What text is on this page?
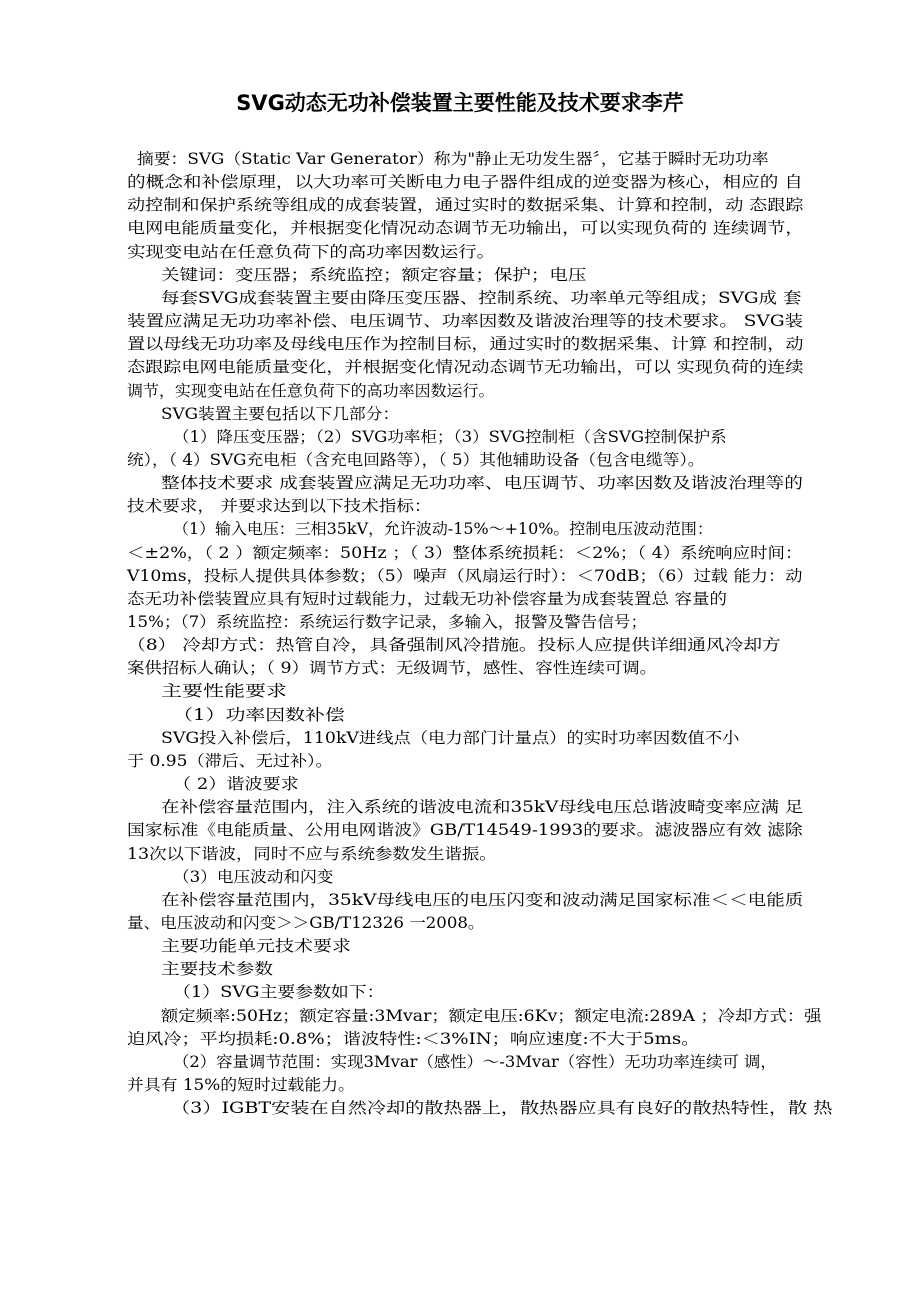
SVG动态无功补偿装置主要性能及技术要求李芹
摘要：SVG（Static Var Generator）称为"静止无功发生器〞，它基于瞬时无功功率
的概念和补偿原理，以大功率可关断电力电子器件组成的逆变器为核心，相应的 自
动控制和保护系统等组成的成套装置，通过实时的数据采集、计算和控制，动 态跟踪
电网电能质量变化，并根据变化情况动态调节无功输出，可以实现负荷的 连续调节，
实现变电站在任意负荷下的高功率因数运行。
关键词：变压器；系统监控；额定容量；保护；电压
每套SVG成套装置主要由降压变压器、控制系统、功率单元等组成；SVG成 套
装置应满足无功功率补偿、电压调节、功率因数及谐波治理等的技术要求。 SVG装
置以母线无功功率及母线电压作为控制目标，通过实时的数据采集、计算 和控制，动
态跟踪电网电能质量变化，并根据变化情况动态调节无功输出，可以 实现负荷的连续
调节，实现变电站在任意负荷下的高功率因数运行。
SVG装置主要包括以下几部分：
（1）降压变压器；（2）SVG功率柜；（3）SVG控制柜（含SVG控制保护系
统），（ 4）SVG充电柜（含充电回路等），（ 5）其他辅助设备（包含电缆等）。
整体技术要求 成套装置应满足无功功率、电压调节、功率因数及谐波治理等的
技术要求， 并要求达到以下技术指标：
（1）输入电压：三相35kV，允许波动-15%～+10%。控制电压波动范围：
＜±2%，（ 2 ）额定频率：50Hz ；（ 3）整体系统损耗：＜2%；（ 4）系统响应时间：
V10ms，投标人提供具体参数；（5）噪声（风扇运行时）：＜70dB；（6）过载 能力：动
态无功补偿装置应具有短时过载能力，过载无功补偿容量为成套装置总 容量的
15%；（7）系统监控：系统运行数字记录，多输入，报警及警告信号；
（8） 冷却方式：热管自冷，具备强制风冷措施。投标人应提供详细通风冷却方
案供招标人确认；（ 9）调节方式：无级调节，感性、容性连续可调。
主要性能要求
（1）功率因数补偿
SVG投入补偿后，110kV进线点（电力部门计量点）的实时功率因数值不小
于 0.95（滞后、无过补）。
（ 2）谐波要求
在补偿容量范围内，注入系统的谐波电流和35kV母线电压总谐波畸变率应满 足
国家标准《电能质量、公用电网谐波》GB/T14549-1993的要求。滤波器应有效 滤除
13次以下谐波，同时不应与系统参数发生谐振。
（3）电压波动和闪变
在补偿容量范围内，35kV母线电压的电压闪变和波动满足国家标准＜＜电能质
量、电压波动和闪变＞＞GB/T12326 一2008。
主要功能单元技术要求
主要技术参数
（1）SVG主要参数如下：
额定频率:50Hz；额定容量:3Mvar；额定电压:6Kv；额定电流:289A ；冷却方式：强
迫风冷；平均损耗:0.8%；谐波特性:＜3%IN；响应速度:不大于5ms。
（2）容量调节范围：实现3Mvar（感性）～-3Mvar（容性）无功功率连续可 调，
并具有 15%的短时过载能力。
（3）IGBT安装在自然冷却的散热器上，散热器应具有良好的散热特性，散 热
